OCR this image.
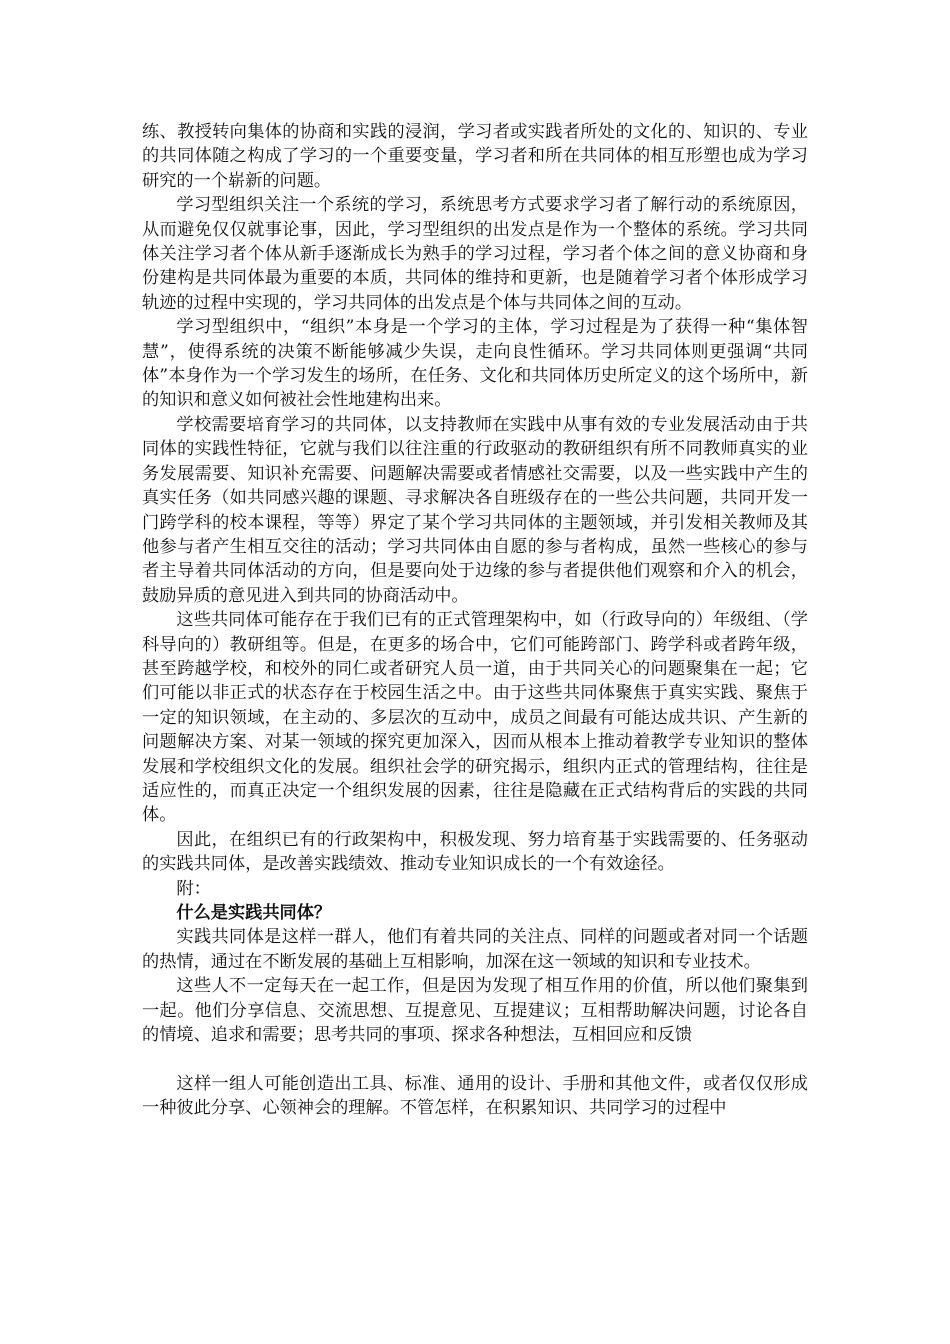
练、教授转向集体的协商和实践的浸润，学习者或实践者所处的文化的、知识的、专业的共同体随之构成了学习的一个重要变量，学习者和所在共同体的相互形塑也成为学习研究的一个崭新的问题。

学习型组织关注一个系统的学习，系统思考方式要求学习者了解行动的系统原因，从而避免仅仅就事论事，因此，学习型组织的出发点是作为一个整体的系统。学习共同体关注学习者个体从新手逐渐成长为熟手的学习过程，学习者个体之间的意义协商和身份建构是共同体最为重要的本质，共同体的维持和更新，也是随着学习者个体形成学习轨迹的过程中实现的，学习共同体的出发点是个体与共同体之间的互动。

学习型组织中，“组织”本身是一个学习的主体，学习过程是为了获得一种“集体智慧”，使得系统的决策不断能够减少失误，走向良性循环。学习共同体则更强调“共同体”本身作为一个学习发生的场所，在任务、文化和共同体历史所定义的这个场所中，新的知识和意义如何被社会性地建构出来。

学校需要培育学习的共同体，以支持教师在实践中从事有效的专业发展活动由于共同体的实践性特征，它就与我们以往注重的行政驱动的教研组织有所不同教师真实的业务发展需要、知识补充需要、问题解决需要或者情感社交需要，以及一些实践中产生的真实任务（如共同感兴趣的课题、寻求解决各自班级存在的一些公共问题，共同开发一门跨学科的校本课程，等等）界定了某个学习共同体的主题领域，并引发相关教师及其他参与者产生相互交往的活动；学习共同体由自愿的参与者构成，虽然一些核心的参与者主导着共同体活动的方向，但是要向处于边缘的参与者提供他们观察和介入的机会，鼓励异质的意见进入到共同的协商活动中。

这些共同体可能存在于我们已有的正式管理架构中，如（行政导向的）年级组、（学科导向的）教研组等。但是，在更多的场合中，它们可能跨部门、跨学科或者跨年级，甚至跨越学校，和校外的同仁或者研究人员一道，由于共同关心的问题聚集在一起；它们可能以非正式的状态存在于校园生活之中。由于这些共同体聚焦于真实实践、聚焦于一定的知识领域，在主动的、多层次的互动中，成员之间最有可能达成共识、产生新的问题解决方案、对某一领域的探究更加深入，因而从根本上推动着教学专业知识的整体发展和学校组织文化的发展。组织社会学的研究揭示，组织内正式的管理结构，往往是适应性的，而真正决定一个组织发展的因素，往往是隐藏在正式结构背后的实践的共同体。

因此，在组织已有的行政架构中，积极发现、努力培育基于实践需要的、任务驱动的实践共同体，是改善实践绩效、推动专业知识成长的一个有效途径。

附：

什么是实践共同体？

实践共同体是这样一群人，他们有着共同的关注点、同样的问题或者对同一个话题的热情，通过在不断发展的基础上互相影响，加深在这一领域的知识和专业技术。

这些人不一定每天在一起工作，但是因为发现了相互作用的价值，所以他们聚集到一起。他们分享信息、交流思想、互提意见、互提建议；互相帮助解决问题，讨论各自的情境、追求和需要；思考共同的事项、探求各种想法，互相回应和反馈

这样一组人可能创造出工具、标准、通用的设计、手册和其他文件，或者仅仅形成一种彼此分享、心领神会的理解。不管怎样，在积累知识、共同学习的过程中
